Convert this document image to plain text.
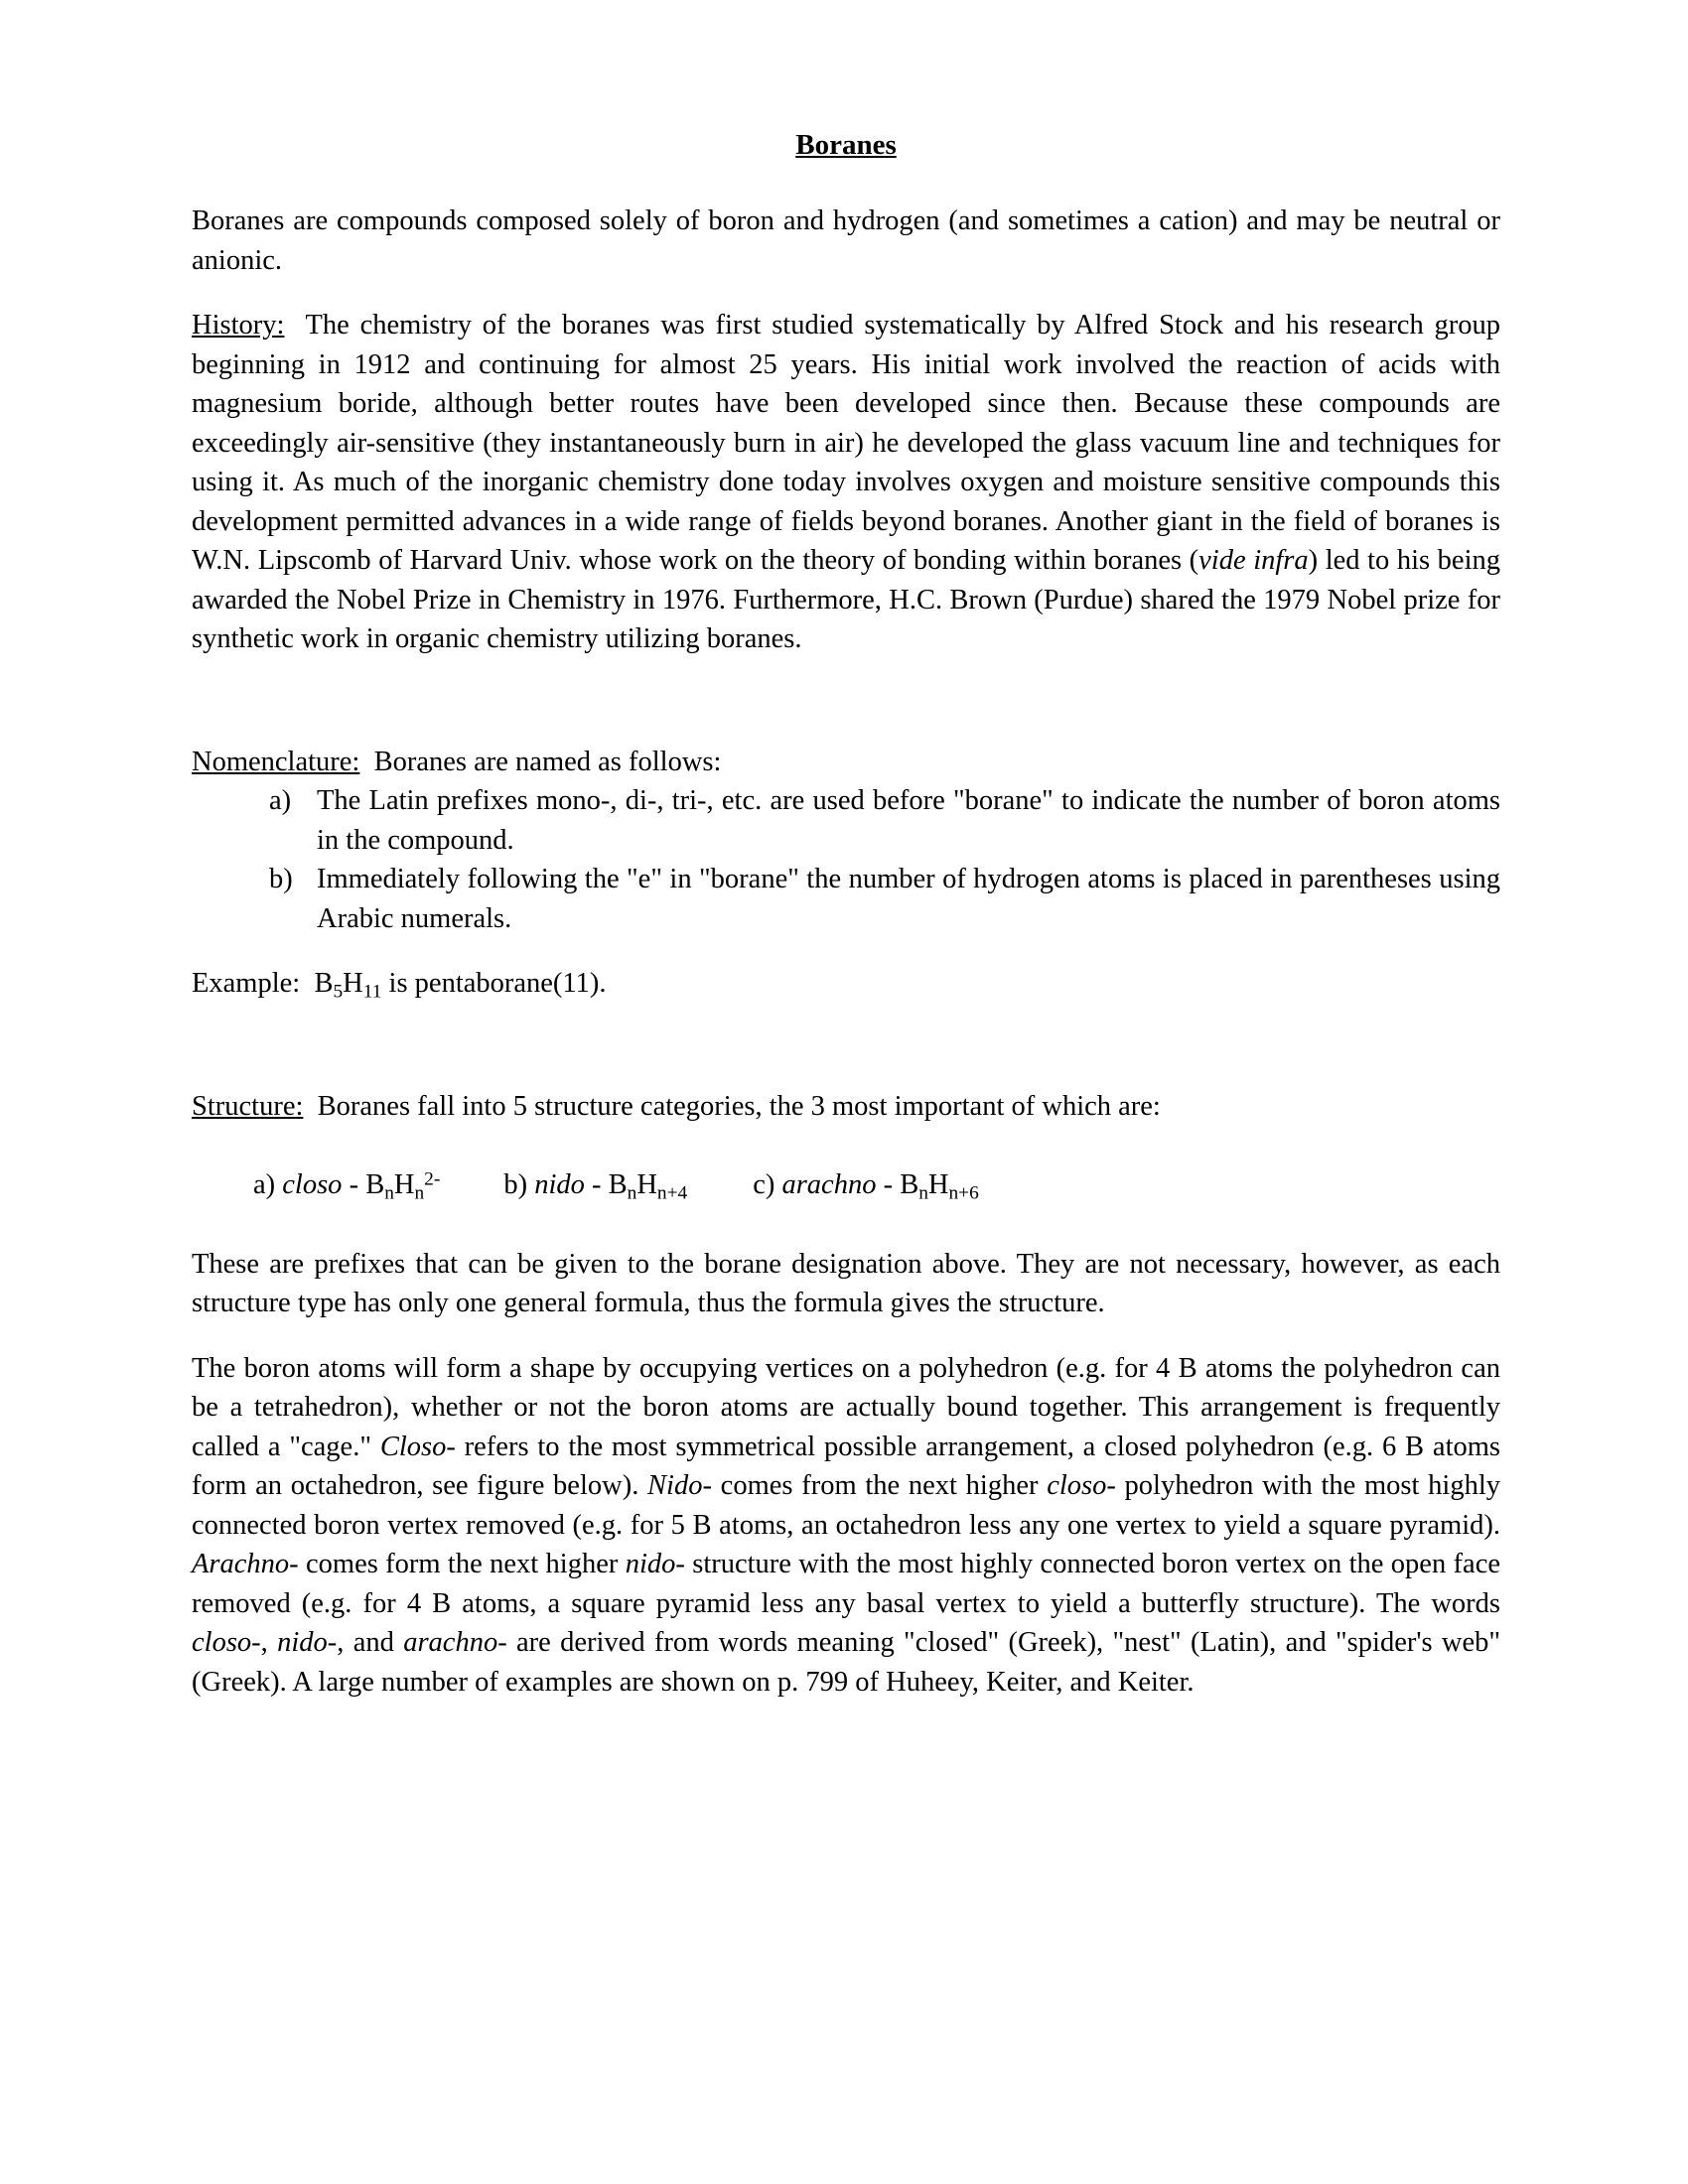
Boranes

Boranes are compounds composed solely of boron and hydrogen (and sometimes a cation) and may be neutral or anionic.

History: The chemistry of the boranes was first studied systematically by Alfred Stock and his research group beginning in 1912 and continuing for almost 25 years. His initial work involved the reaction of acids with magnesium boride, although better routes have been developed since then. Because these compounds are exceedingly air-sensitive (they instantaneously burn in air) he developed the glass vacuum line and techniques for using it. As much of the inorganic chemistry done today involves oxygen and moisture sensitive compounds this development permitted advances in a wide range of fields beyond boranes. Another giant in the field of boranes is W.N. Lipscomb of Harvard Univ. whose work on the theory of bonding within boranes (vide infra) led to his being awarded the Nobel Prize in Chemistry in 1976. Furthermore, H.C. Brown (Purdue) shared the 1979 Nobel prize for synthetic work in organic chemistry utilizing boranes.

Nomenclature: Boranes are named as follows:

a) The Latin prefixes mono-, di-, tri-, etc. are used before "borane" to indicate the number of boron atoms in the compound.
b) Immediately following the "e" in "borane" the number of hydrogen atoms is placed in parentheses using Arabic numerals.

Example: $B_5H_{11}$ is pentaborane(11).

Structure: Boranes fall into 5 structure categories, the 3 most important of which are:

a) closo - $B_nH_n^{2-}$ b) nido - $B_nH_{n+4}$ c) arachno - $B_nH_{n+6}$

These are prefixes that can be given to the borane designation above. They are not necessary, however, as each structure type has only one general formula, thus the formula gives the structure.

The boron atoms will form a shape by occupying vertices on a polyhedron (e.g. for 4 B atoms the polyhedron can be a tetrahedron), whether or not the boron atoms are actually bound together. This arrangement is frequently called a "cage." Closo- refers to the most symmetrical possible arrangement, a closed polyhedron (e.g. 6 B atoms form an octahedron, see figure below). Nido- comes from the next higher closo- polyhedron with the most highly connected boron vertex removed (e.g. for 5 B atoms, an octahedron less any one vertex to yield a square pyramid). Arachno- comes form the next higher nido- structure with the most highly connected boron vertex on the open face removed (e.g. for 4 B atoms, a square pyramid less any basal vertex to yield a butterfly structure). The words closo-, nido-, and arachno- are derived from words meaning "closed" (Greek), "nest" (Latin), and "spider's web" (Greek). A large number of examples are shown on p. 799 of Huheey, Keiter, and Keiter.
